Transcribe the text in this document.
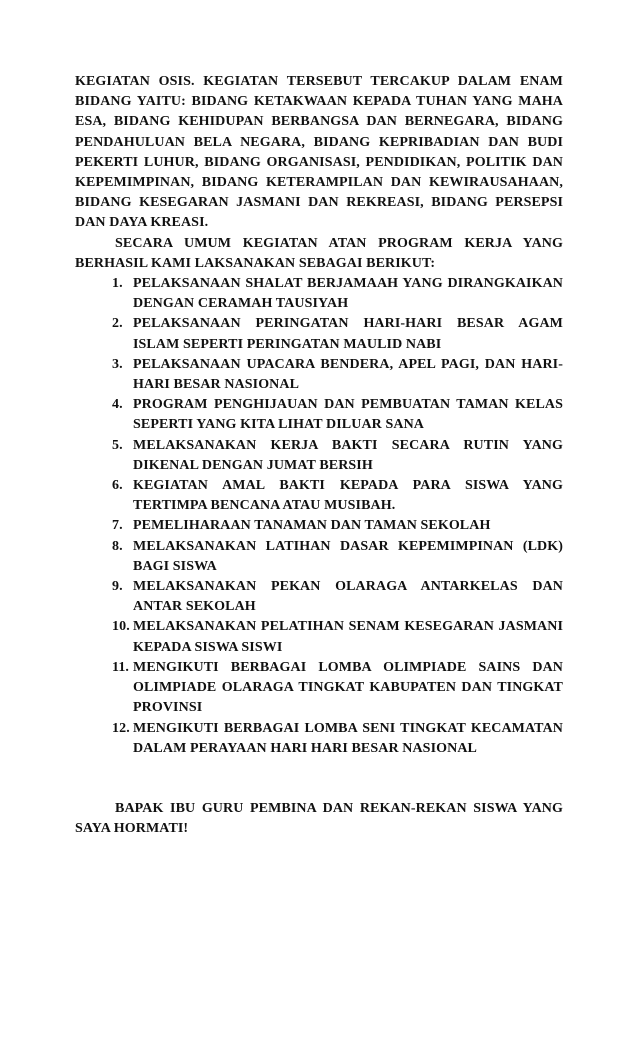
KEGIATAN OSIS. KEGIATAN TERSEBUT TERCAKUP DALAM ENAM BIDANG YAITU: BIDANG KETAKWAAN KEPADA TUHAN YANG MAHA ESA, BIDANG KEHIDUPAN BERBANGSA DAN BERNEGARA, BIDANG PENDAHULUAN BELA NEGARA, BIDANG KEPRIBADIAN DAN BUDI PEKERTI LUHUR, BIDANG ORGANISASI, PENDIDIKAN, POLITIK DAN KEPEMIMPINAN, BIDANG KETERAMPILAN DAN KEWIRAUSAHAAN, BIDANG KESEGARAN JASMANI DAN REKREASI, BIDANG PERSEPSI DAN DAYA KREASI.

SECARA UMUM KEGIATAN ATAN PROGRAM KERJA YANG BERHASIL KAMI LAKSANAKAN SEBAGAI BERIKUT:

1. PELAKSANAAN SHALAT BERJAMAAH YANG DIRANGKAIKAN DENGAN CERAMAH TAUSIYAH
2. PELAKSANAAN PERINGATAN HARI-HARI BESAR AGAM ISLAM SEPERTI PERINGATAN MAULID NABI
3. PELAKSANAAN UPACARA BENDERA, APEL PAGI, DAN HARI-HARI BESAR NASIONAL
4. PROGRAM PENGHIJAUAN DAN PEMBUATAN TAMAN KELAS SEPERTI YANG KITA LIHAT DILUAR SANA
5. MELAKSANAKAN KERJA BAKTI SECARA RUTIN YANG DIKENAL DENGAN JUMAT BERSIH
6. KEGIATAN AMAL BAKTI KEPADA PARA SISWA YANG TERTIMPA BENCANA ATAU MUSIBAH.
7. PEMELIHARAAN TANAMAN DAN TAMAN SEKOLAH
8. MELAKSANAKAN LATIHAN DASAR KEPEMIMPINAN (LDK) BAGI SISWA
9. MELAKSANAKAN PEKAN OLARAGA ANTARKELAS DAN ANTAR SEKOLAH
10. MELAKSANAKAN PELATIHAN SENAM KESEGARAN JASMANI KEPADA SISWA SISWI
11. MENGIKUTI BERBAGAI LOMBA OLIMPIADE SAINS DAN OLIMPIADE OLARAGA TINGKAT KABUPATEN DAN TINGKAT PROVINSI
12. MENGIKUTI BERBAGAI LOMBA SENI TINGKAT KECAMATAN DALAM PERAYAAN HARI HARI BESAR NASIONAL

BAPAK IBU GURU PEMBINA DAN REKAN-REKAN SISWA YANG SAYA HORMATI!
